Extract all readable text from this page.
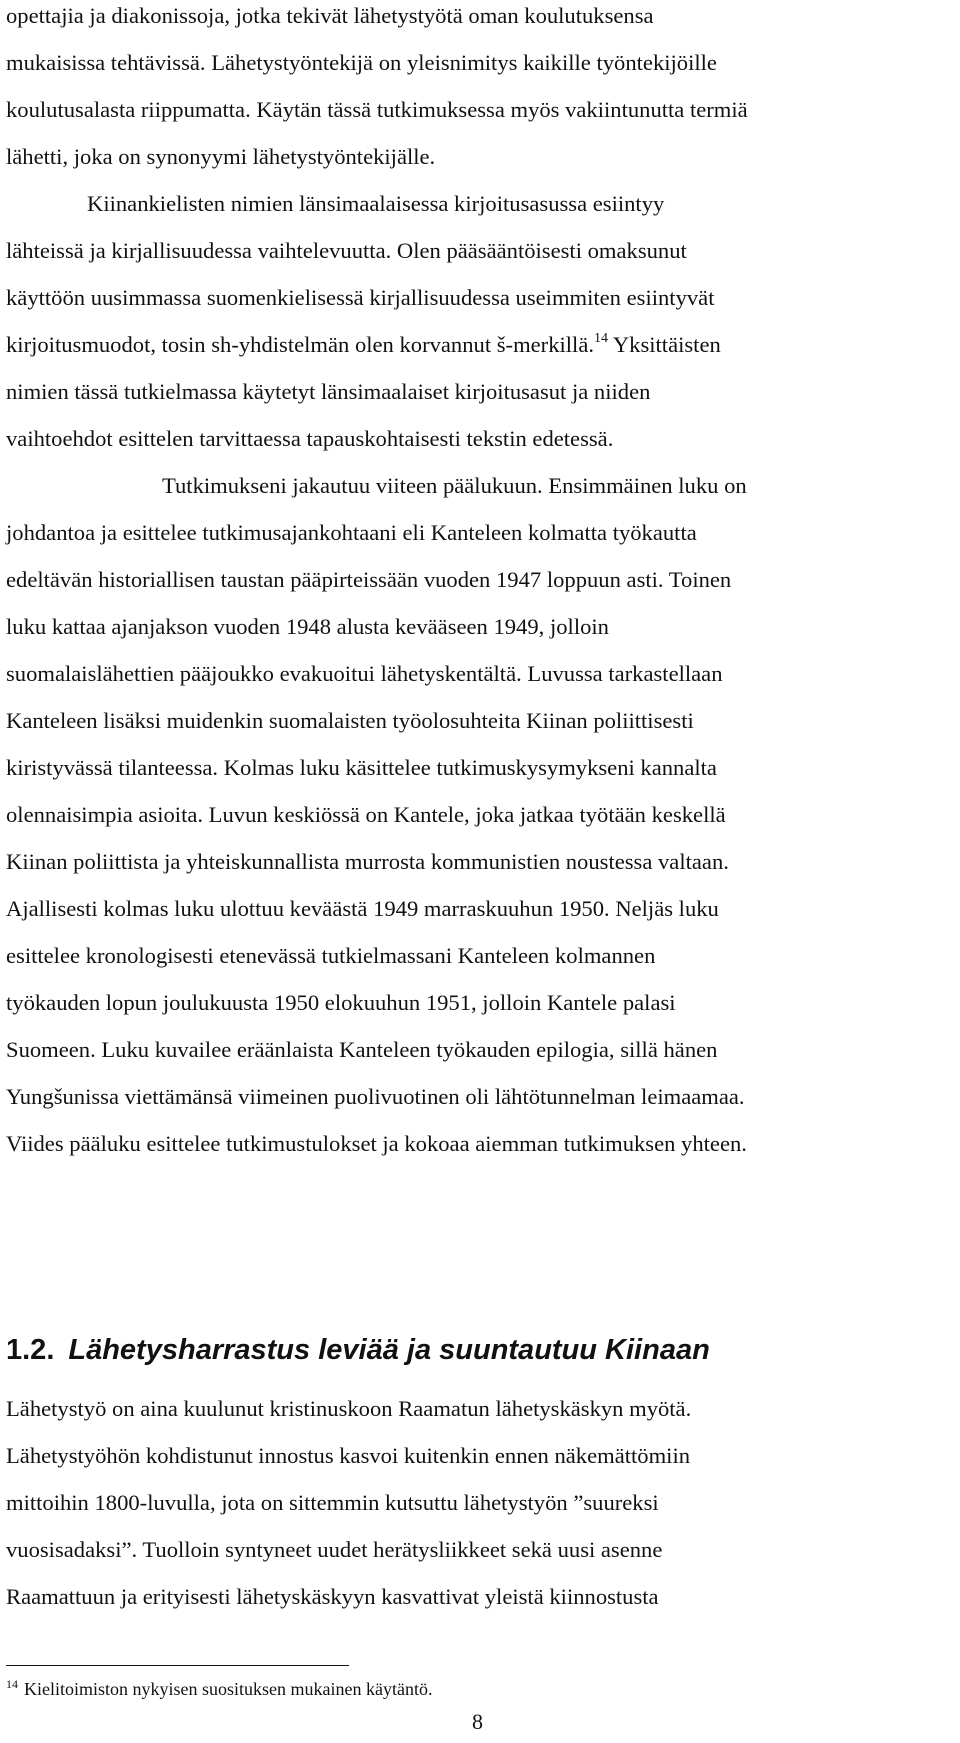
opettajia ja diakonissoja, jotka tekivät lähetystyötä oman koulutuksensa
mukaisissa tehtävissä. Lähetystyöntekijä on yleisnimitys kaikille työntekijöille
koulutusalasta riippumatta. Käytän tässä tutkimuksessa myös vakiintunutta termiä
lähetti, joka on synonyymi lähetystyöntekijälle.
Kiinankielisten nimien länsimaalaisessa kirjoitusasussa esiintyy
lähteissä ja kirjallisuudessa vaihtelevuutta. Olen pääsääntöisesti omaksunut
käyttöön uusimmassa suomenkielisessä kirjallisuudessa useimmiten esiintyvät
kirjoitusmuodot, tosin sh-yhdistelmän olen korvannut š-merkillä.$^{14}$ Yksittäisten
nimien tässä tutkielmassa käytetyt länsimaalaiset kirjoitusasut ja niiden
vaihtoehdot esittelen tarvittaessa tapauskohtaisesti tekstin edetessä.
Tutkimukseni jakautuu viiteen päälukuun. Ensimmäinen luku on
johdantoa ja esittelee tutkimusajankohtaani eli Kanteleen kolmatta työkautta
edeltävän historiallisen taustan pääpirteissään vuoden 1947 loppuun asti. Toinen
luku kattaa ajanjakson vuoden 1948 alusta kevääseen 1949, jolloin
suomalaislähettien pääjoukko evakuoitui lähetyskentältä. Luvussa tarkastellaan
Kanteleen lisäksi muidenkin suomalaisten työolosuhteita Kiinan poliittisesti
kiristyvässä tilanteessa. Kolmas luku käsittelee tutkimuskysymykseni kannalta
olennaisimpia asioita. Luvun keskiössä on Kantele, joka jatkaa työtään keskellä
Kiinan poliittista ja yhteiskunnallista murrosta kommunistien noustessa valtaan.
Ajallisesti kolmas luku ulottuu keväästä 1949 marraskuuhun 1950. Neljäs luku
esittelee kronologisesti etenevässä tutkielmassani Kanteleen kolmannen
työkauden lopun joulukuusta 1950 elokuuhun 1951, jolloin Kantele palasi
Suomeen. Luku kuvailee eräänlaista Kanteleen työkauden epilogia, sillä hänen
Yungšunissa viettämänsä viimeinen puolivuotinen oli lähtötunnelman leimaamaa.
Viides pääluku esittelee tutkimustulokset ja kokoaa aiemman tutkimuksen yhteen.
1.2. Lähetysharrastus leviää ja suuntautuu Kiinaan
Lähetystyö on aina kuulunut kristinuskoon Raamatun lähetyskäskyn myötä.
Lähetystyöhön kohdistunut innostus kasvoi kuitenkin ennen näkemättömiin
mittoihin 1800-luvulla, jota on sittemmin kutsuttu lähetystyön ”suureksi
vuosisadaksi”. Tuolloin syntyneet uudet herätysliikkeet sekä uusi asenne
Raamattuun ja erityisesti lähetyskäskyyn kasvattivat yleistä kiinnostusta
$^{14}$ Kielitoimiston nykyisen suosituksen mukainen käytäntö.
8
